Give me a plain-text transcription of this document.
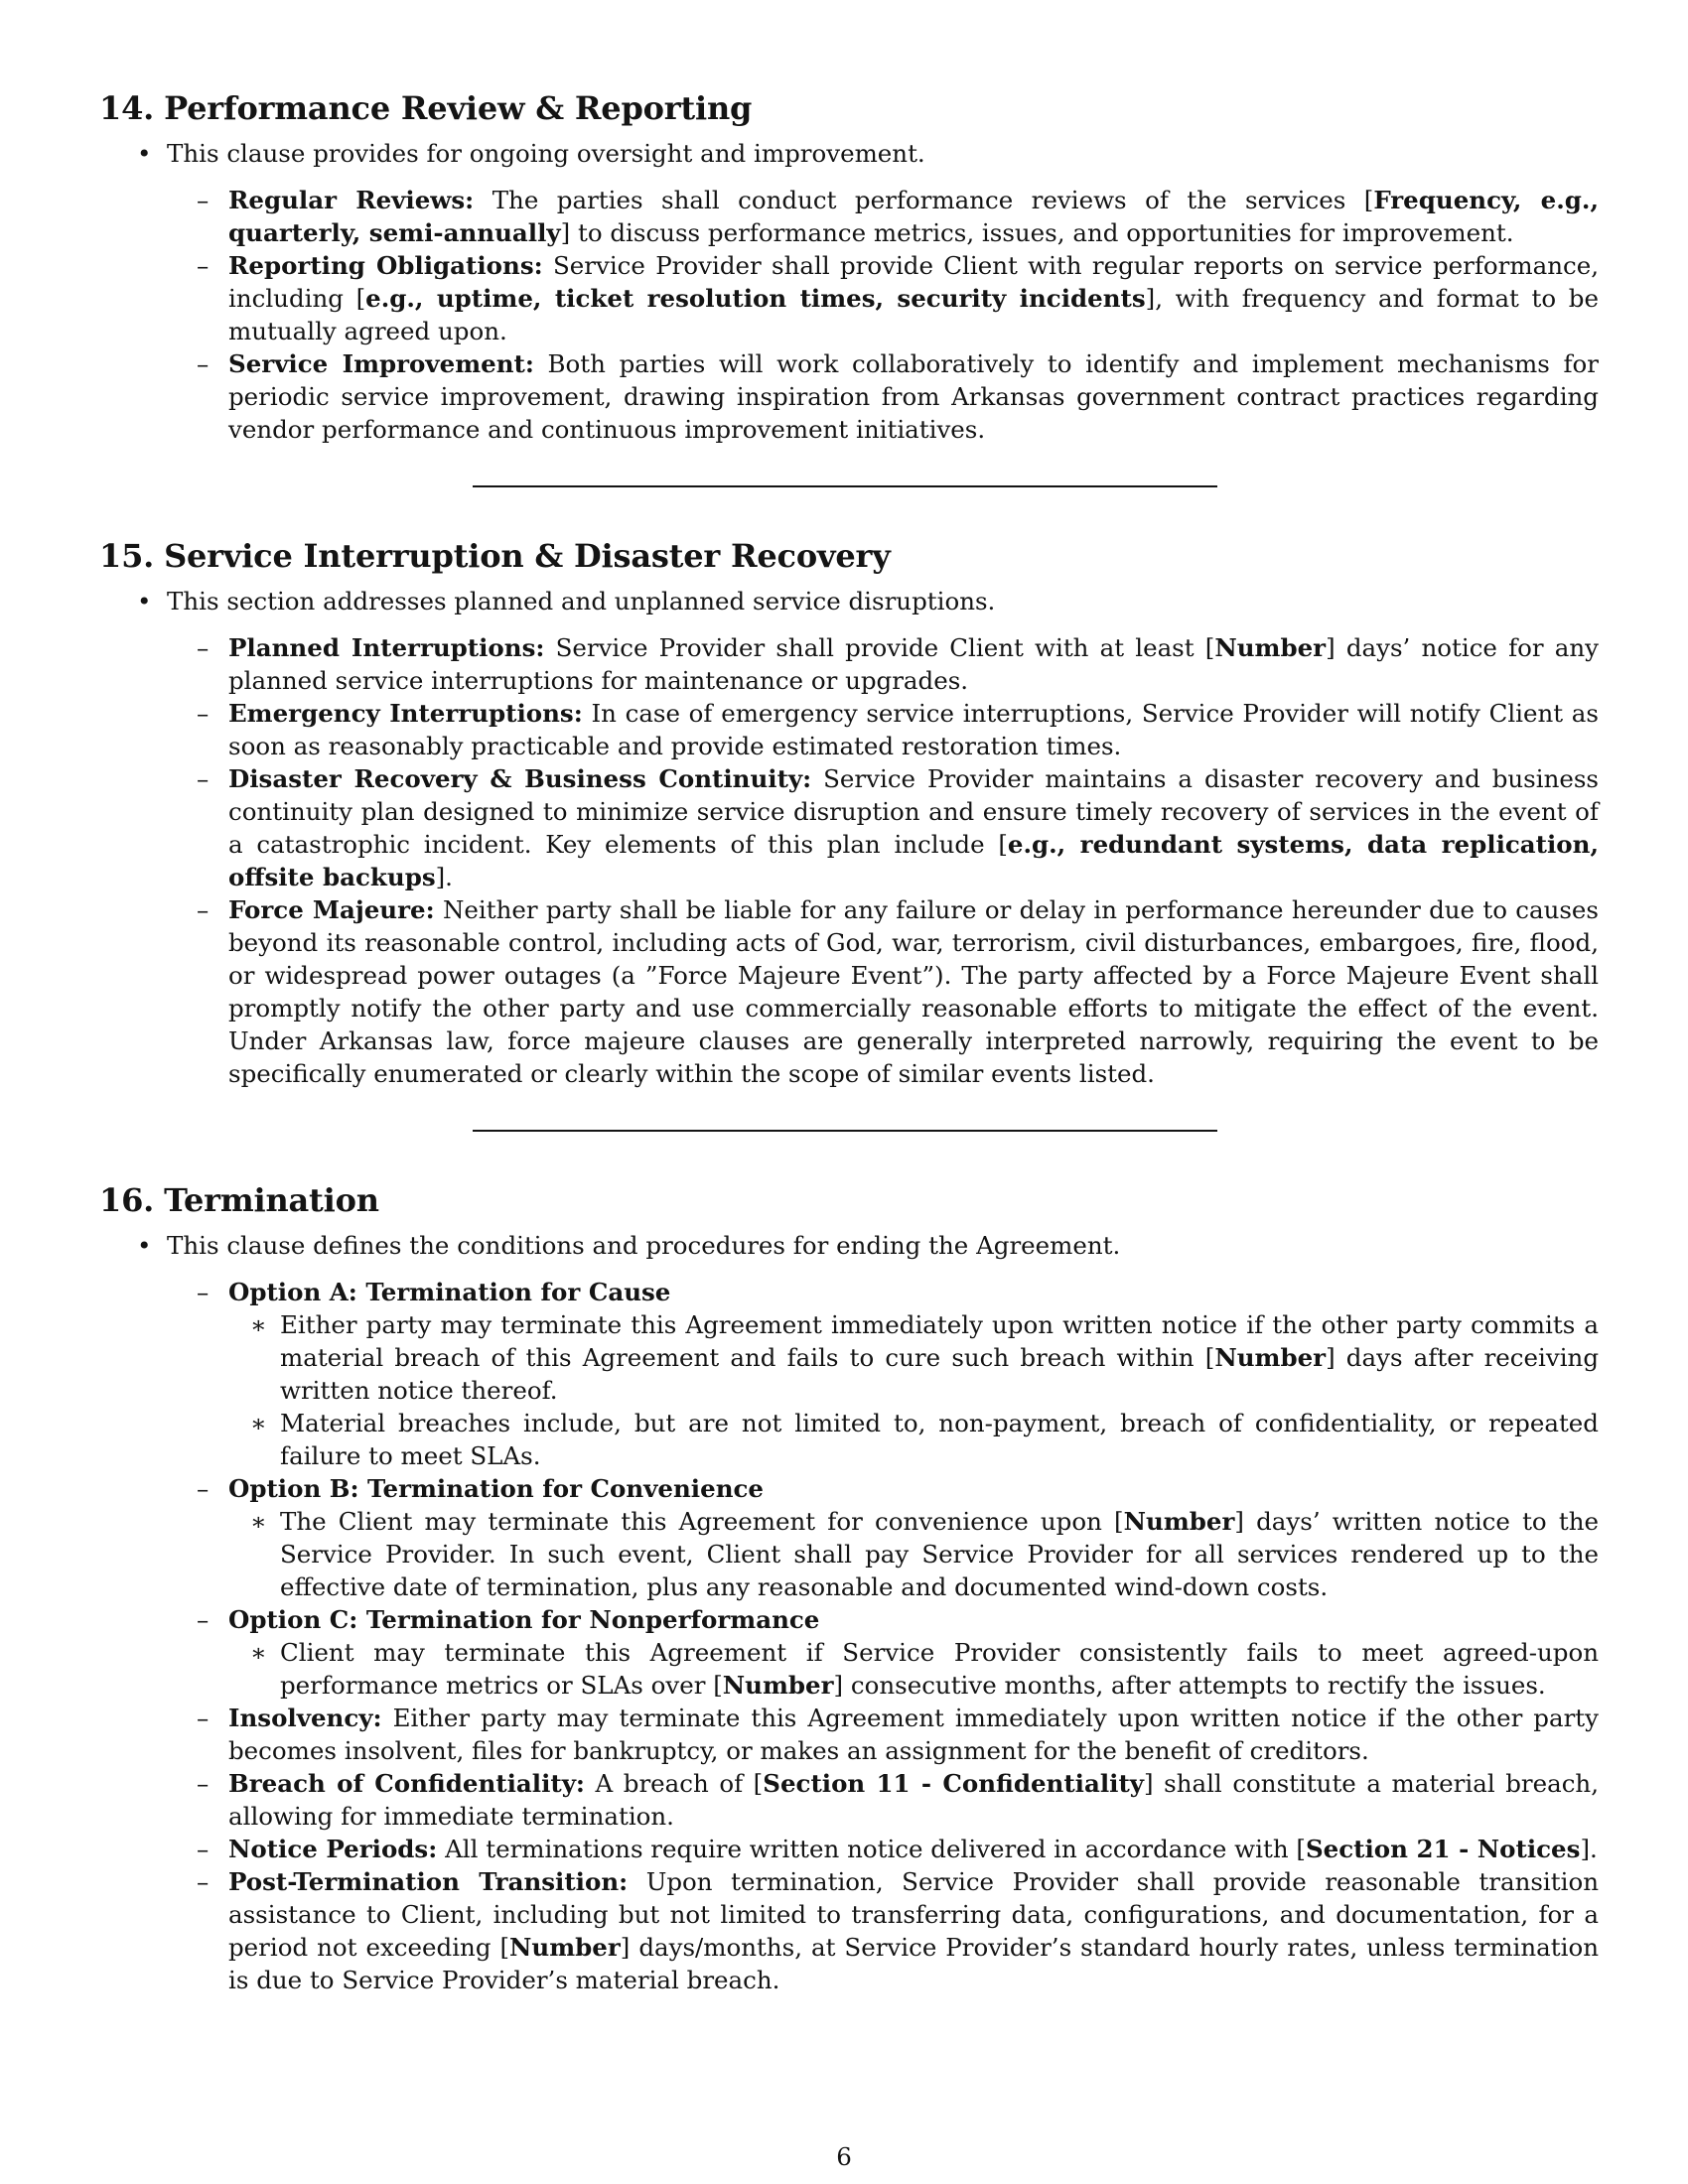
14. Performance Review & Reporting
• This clause provides for ongoing oversight and improvement.
– Regular Reviews: The parties shall conduct performance reviews of the services [Frequency, e.g., quarterly, semi-annually] to discuss performance metrics, issues, and opportunities for improvement.
– Reporting Obligations: Service Provider shall provide Client with regular reports on service performance, including [e.g., uptime, ticket resolution times, security incidents], with frequency and format to be mutually agreed upon.
– Service Improvement: Both parties will work collaboratively to identify and implement mechanisms for periodic service improvement, drawing inspiration from Arkansas government contract practices regarding vendor performance and continuous improvement initiatives.
15. Service Interruption & Disaster Recovery
• This section addresses planned and unplanned service disruptions.
– Planned Interruptions: Service Provider shall provide Client with at least [Number] days’ notice for any planned service interruptions for maintenance or upgrades.
– Emergency Interruptions: In case of emergency service interruptions, Service Provider will notify Client as soon as reasonably practicable and provide estimated restoration times.
– Disaster Recovery & Business Continuity: Service Provider maintains a disaster recovery and business continuity plan designed to minimize service disruption and ensure timely recovery of services in the event of a catastrophic incident. Key elements of this plan include [e.g., redundant systems, data replication, offsite backups].
– Force Majeure: Neither party shall be liable for any failure or delay in performance hereunder due to causes beyond its reasonable control, including acts of God, war, terrorism, civil disturbances, embargoes, fire, flood, or widespread power outages (a ”Force Majeure Event”). The party affected by a Force Majeure Event shall promptly notify the other party and use commercially reasonable efforts to mitigate the effect of the event. Under Arkansas law, force majeure clauses are generally interpreted narrowly, requiring the event to be specifically enumerated or clearly within the scope of similar events listed.
16. Termination
• This clause defines the conditions and procedures for ending the Agreement.
– Option A: Termination for Cause
∗ Either party may terminate this Agreement immediately upon written notice if the other party commits a material breach of this Agreement and fails to cure such breach within [Number] days after receiving written notice thereof.
∗ Material breaches include, but are not limited to, non-payment, breach of confidentiality, or repeated failure to meet SLAs.
– Option B: Termination for Convenience
∗ The Client may terminate this Agreement for convenience upon [Number] days’ written notice to the Service Provider. In such event, Client shall pay Service Provider for all services rendered up to the effective date of termination, plus any reasonable and documented wind-down costs.
– Option C: Termination for Nonperformance
∗ Client may terminate this Agreement if Service Provider consistently fails to meet agreed-upon performance metrics or SLAs over [Number] consecutive months, after attempts to rectify the issues.
– Insolvency: Either party may terminate this Agreement immediately upon written notice if the other party becomes insolvent, files for bankruptcy, or makes an assignment for the benefit of creditors.
– Breach of Confidentiality: A breach of [Section 11 - Confidentiality] shall constitute a material breach, allowing for immediate termination.
– Notice Periods: All terminations require written notice delivered in accordance with [Section 21 - Notices].
– Post-Termination Transition: Upon termination, Service Provider shall provide reasonable transition assistance to Client, including but not limited to transferring data, configurations, and documentation, for a period not exceeding [Number] days/months, at Service Provider’s standard hourly rates, unless termination is due to Service Provider’s material breach.
6
